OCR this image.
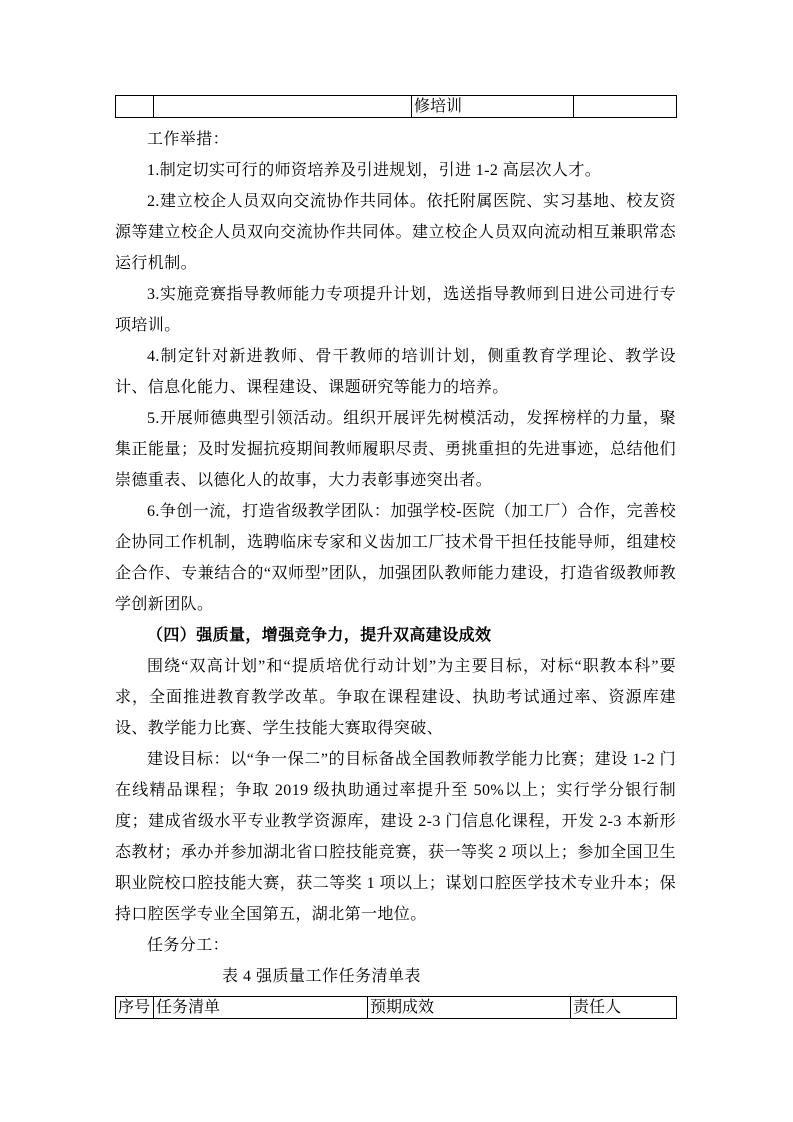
		修培训	

工作举措：

1.制定切实可行的师资培养及引进规划，引进 1-2 高层次人才。

2.建立校企人员双向交流协作共同体。依托附属医院、实习基地、校友资源等建立校企人员双向交流协作共同体。建立校企人员双向流动相互兼职常态运行机制。

3.实施竞赛指导教师能力专项提升计划，选送指导教师到日进公司进行专项培训。

4.制定针对新进教师、骨干教师的培训计划，侧重教育学理论、教学设计、信息化能力、课程建设、课题研究等能力的培养。

5.开展师德典型引领活动。组织开展评先树模活动，发挥榜样的力量，聚集正能量；及时发掘抗疫期间教师履职尽责、勇挑重担的先进事迹，总结他们崇德重表、以德化人的故事，大力表彰事迹突出者。

6.争创一流，打造省级教学团队：加强学校-医院（加工厂）合作，完善校企协同工作机制，选聘临床专家和义齿加工厂技术骨干担任技能导师，组建校企合作、专兼结合的“双师型”团队，加强团队教师能力建设，打造省级教师教学创新团队。

（四）强质量，增强竞争力，提升双高建设成效

围绕“双高计划”和“提质培优行动计划”为主要目标，对标“职教本科”要求，全面推进教育教学改革。争取在课程建设、执助考试通过率、资源库建设、教学能力比赛、学生技能大赛取得突破、

建设目标：以“争一保二”的目标备战全国教师教学能力比赛；建设 1-2 门在线精品课程；争取 2019 级执助通过率提升至 50%以上；实行学分银行制度；建成省级水平专业教学资源库，建设 2-3 门信息化课程，开发 2-3 本新形态教材；承办并参加湖北省口腔技能竞赛，获一等奖 2 项以上；参加全国卫生职业院校口腔技能大赛，获二等奖 1 项以上；谋划口腔医学技术专业升本；保持口腔医学专业全国第五，湖北第一地位。

任务分工：

表 4 强质量工作任务清单表

序号	任务清单	预期成效	责任人
